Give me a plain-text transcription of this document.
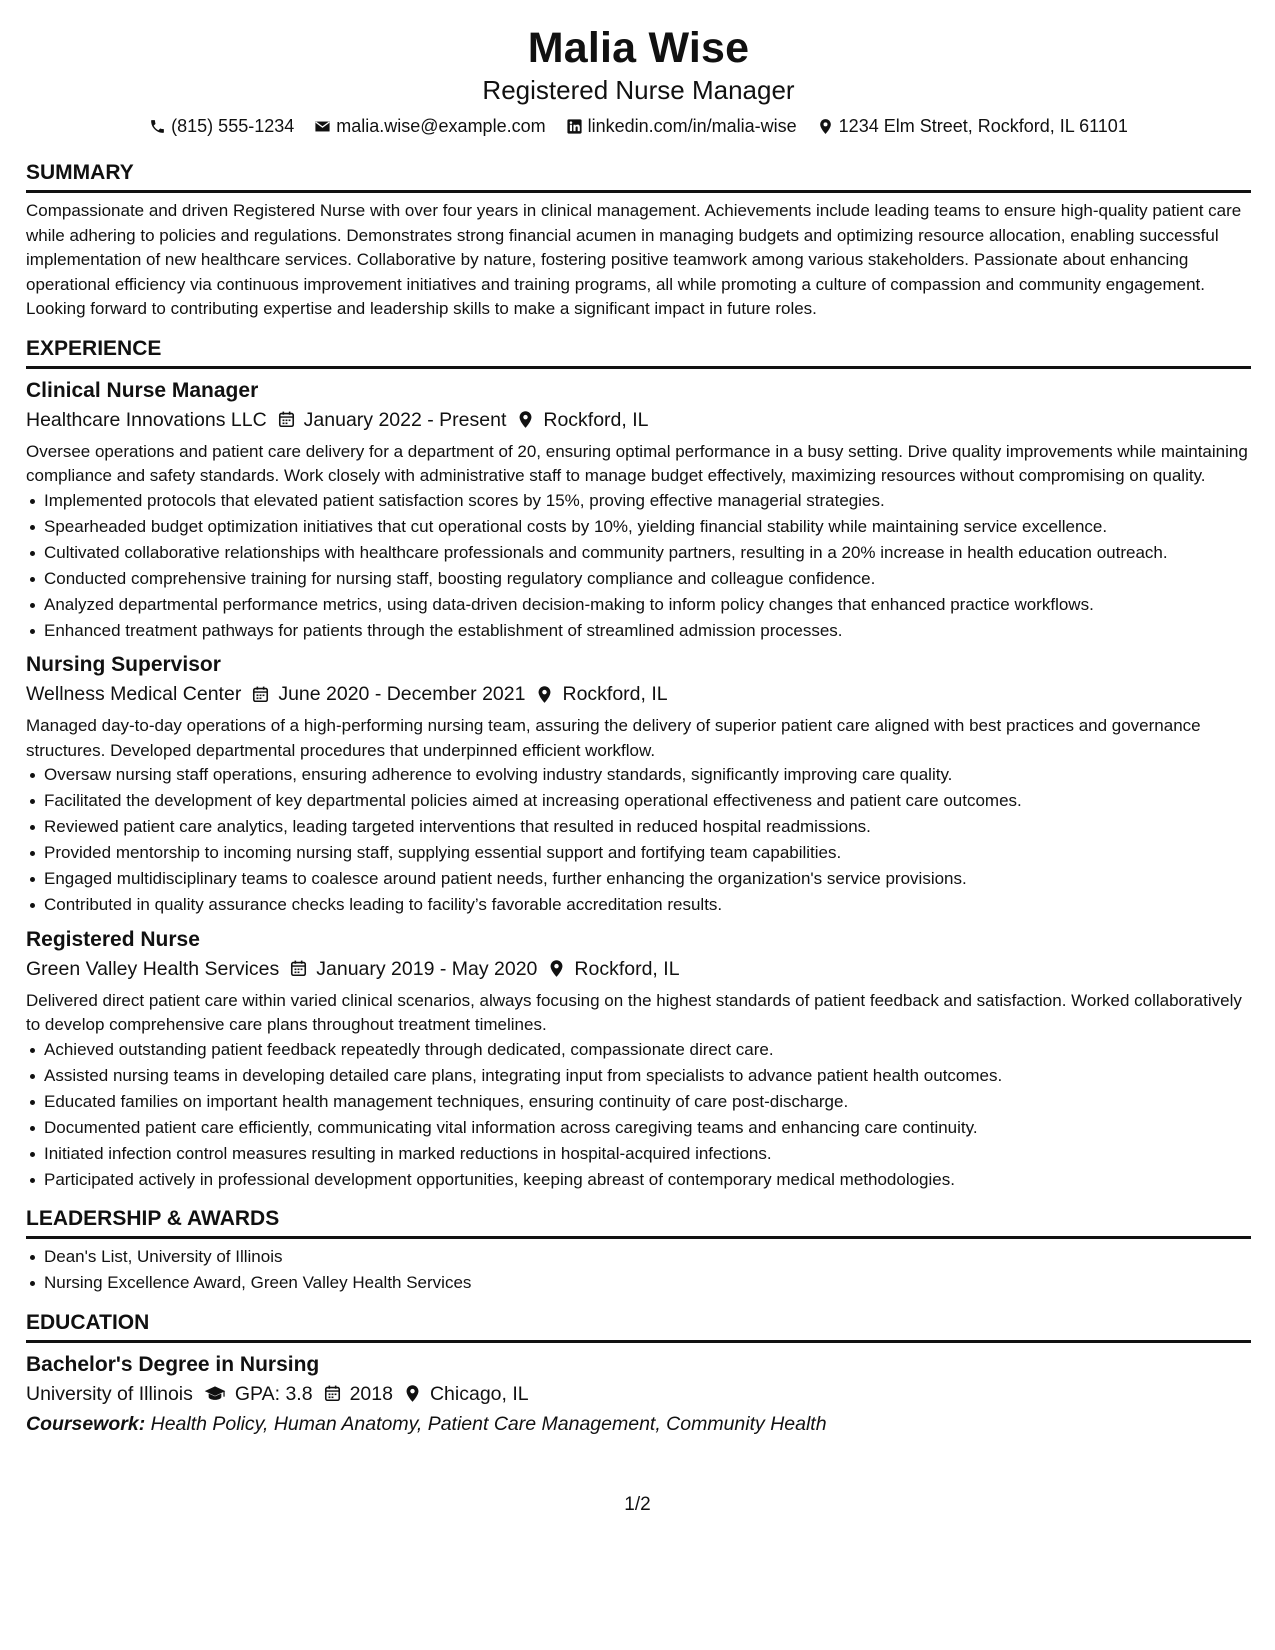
Malia Wise
Registered Nurse Manager
(815) 555-1234 malia.wise@example.com linkedin.com/in/malia-wise 1234 Elm Street, Rockford, IL 61101
SUMMARY

Compassionate and driven Registered Nurse with over four years in clinical management. Achievements include leading teams to ensure high-quality patient care while adhering to policies and regulations. Demonstrates strong financial acumen in managing budgets and optimizing resource allocation, enabling successful implementation of new healthcare services. Collaborative by nature, fostering positive teamwork among various stakeholders. Passionate about enhancing operational efficiency via continuous improvement initiatives and training programs, all while promoting a culture of compassion and community engagement. Looking forward to contributing expertise and leadership skills to make a significant impact in future roles.

EXPERIENCE
Clinical Nurse Manager
Healthcare Innovations LLC January 2022 - Present Rockford, IL

Oversee operations and patient care delivery for a department of 20, ensuring optimal performance in a busy setting. Drive quality improvements while maintaining compliance and safety standards. Work closely with administrative staff to manage budget effectively, maximizing resources without compromising on quality.

Implemented protocols that elevated patient satisfaction scores by 15%, proving effective managerial strategies.
Spearheaded budget optimization initiatives that cut operational costs by 10%, yielding financial stability while maintaining service excellence.
Cultivated collaborative relationships with healthcare professionals and community partners, resulting in a 20% increase in health education outreach.
Conducted comprehensive training for nursing staff, boosting regulatory compliance and colleague confidence.
Analyzed departmental performance metrics, using data-driven decision-making to inform policy changes that enhanced practice workflows.
Enhanced treatment pathways for patients through the establishment of streamlined admission processes.
Nursing Supervisor
Wellness Medical Center June 2020 - December 2021 Rockford, IL

Managed day-to-day operations of a high-performing nursing team, assuring the delivery of superior patient care aligned with best practices and governance structures. Developed departmental procedures that underpinned efficient workflow.

Oversaw nursing staff operations, ensuring adherence to evolving industry standards, significantly improving care quality.
Facilitated the development of key departmental policies aimed at increasing operational effectiveness and patient care outcomes.
Reviewed patient care analytics, leading targeted interventions that resulted in reduced hospital readmissions.
Provided mentorship to incoming nursing staff, supplying essential support and fortifying team capabilities.
Engaged multidisciplinary teams to coalesce around patient needs, further enhancing the organization's service provisions.
Contributed in quality assurance checks leading to facility’s favorable accreditation results.
Registered Nurse
Green Valley Health Services January 2019 - May 2020 Rockford, IL

Delivered direct patient care within varied clinical scenarios, always focusing on the highest standards of patient feedback and satisfaction. Worked collaboratively to develop comprehensive care plans throughout treatment timelines.

Achieved outstanding patient feedback repeatedly through dedicated, compassionate direct care.
Assisted nursing teams in developing detailed care plans, integrating input from specialists to advance patient health outcomes.
Educated families on important health management techniques, ensuring continuity of care post-discharge.
Documented patient care efficiently, communicating vital information across caregiving teams and enhancing care continuity.
Initiated infection control measures resulting in marked reductions in hospital-acquired infections.
Participated actively in professional development opportunities, keeping abreast of contemporary medical methodologies.
LEADERSHIP & AWARDS
Dean's List, University of Illinois
Nursing Excellence Award, Green Valley Health Services
EDUCATION
Bachelor's Degree in Nursing
University of Illinois GPA: 3.8 2018 Chicago, IL
Coursework: Health Policy, Human Anatomy, Patient Care Management, Community Health
1/2
